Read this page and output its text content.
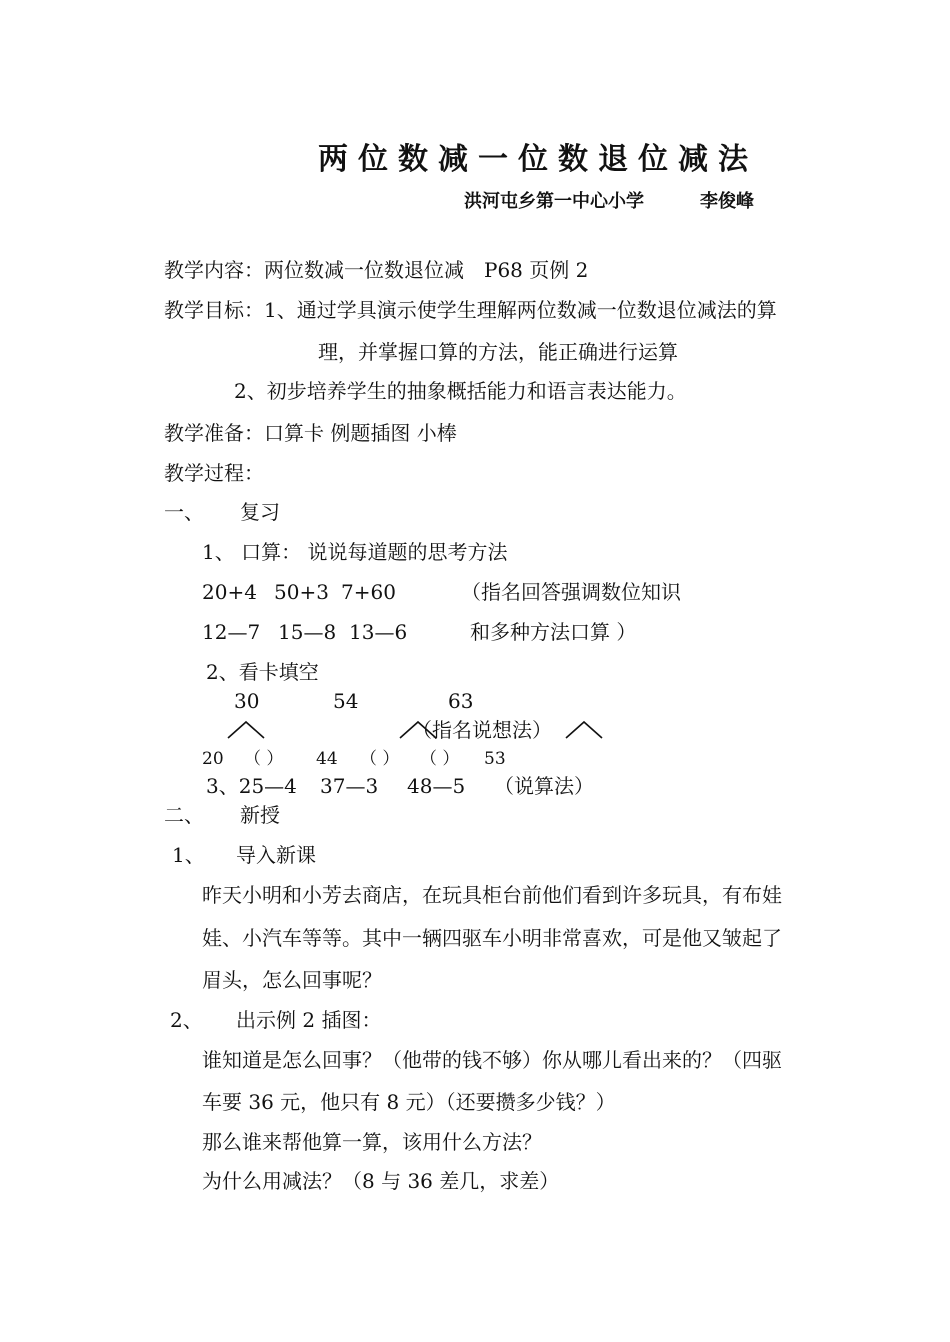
两位数减一位数退位减法
洪河屯乡第一中心小学	李俊峰
教学内容：两位数减一位数退位减　P68 页例 2
教学目标：1、通过学具演示使学生理解两位数减一位数退位减法的算
理，并掌握口算的方法，能正确进行运算
2、初步培养学生的抽象概括能力和语言表达能力。
教学准备：口算卡 例题插图 小棒
教学过程：
一、 复习
1、 口算： 说说每道题的思考方法
20+4 50+3 7+60	（指名回答强调数位知识
12—7 15—8 13—6	和多种方法口算 ）
2、看卡填空
30	54	63
（指名说想法）
20 （ ） 44 （ ） （ ） 53
3、25—4 37—3 48—5 （说算法）
二、 新授
1、 导入新课
昨天小明和小芳去商店，在玩具柜台前他们看到许多玩具，有布娃
娃、小汽车等等。其中一辆四驱车小明非常喜欢，可是他又皱起了
眉头，怎么回事呢？
2、 出示例 2 插图：
谁知道是怎么回事？（他带的钱不够）你从哪儿看出来的？（四驱
车要 36 元，他只有 8 元）（还要攒多少钱？）
那么谁来帮他算一算，该用什么方法？
为什么用减法？（8 与 36 差几，求差）
